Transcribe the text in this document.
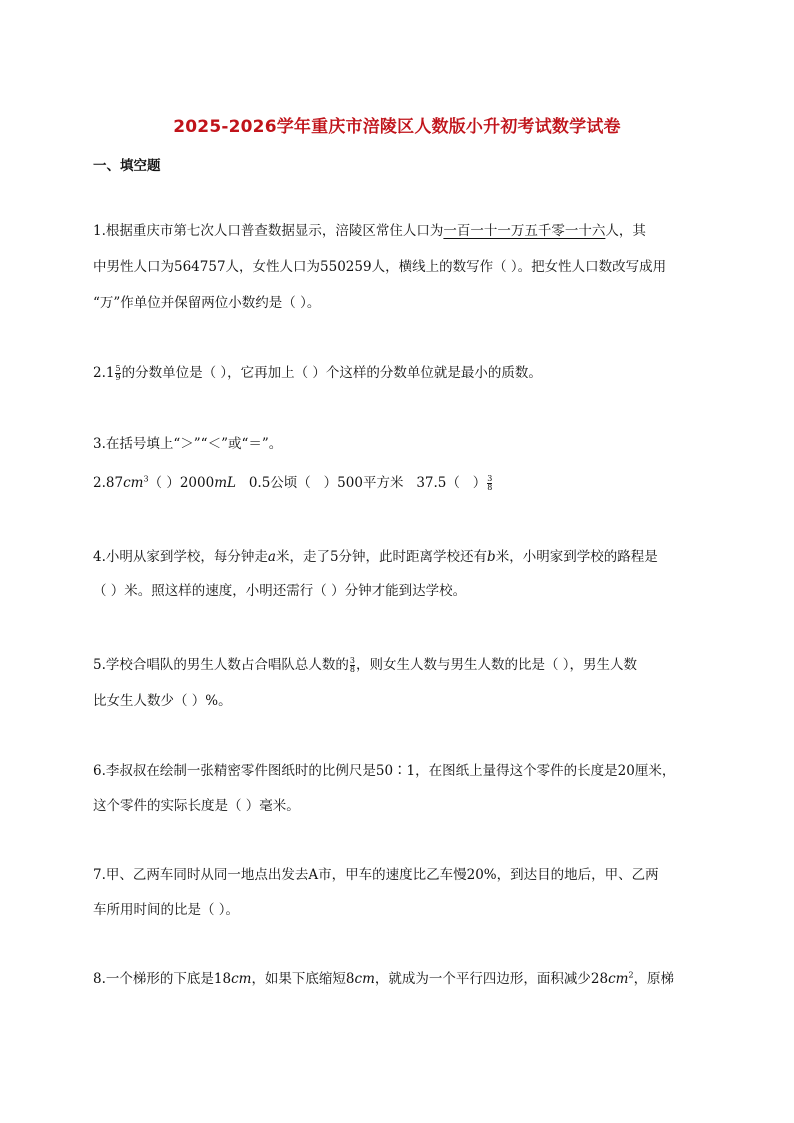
2025-2026学年重庆市涪陵区人数版小升初考试数学试卷
一、填空题
1.根据重庆市第七次人口普查数据显示，涪陵区常住人口为一百一十一万五千零一十六人，其
中男性人口为564757人，女性人口为550259人，横线上的数写作（ ）。把女性人口数改写成用
“万”作单位并保留两位小数约是（ ）。
$2.1 \frac{5}{9}$ 的分数单位是（ ），它再加上（ ）个这样的分数单位就是最小的质数。
3.在括号填上“＞”“＜”或“＝”。
$2.87cm^3$（ ）2000mL   0.5公顷（   ）500平方米   37.5（   ） $\frac{3}{8}$
4.小明从家到学校，每分钟走a米，走了5分钟，此时距离学校还有b米，小明家到学校的路程是
（ ）米。照这样的速度，小明还需行（ ）分钟才能到达学校。
5.学校合唱队的男生人数占合唱队总人数的 $\frac{3}{8}$ ，则女生人数与男生人数的比是（ ），男生人数
比女生人数少（ ）%。
6.李叔叔在绘制一张精密零件图纸时的比例尺是50∶1，在图纸上量得这个零件的长度是20厘米，
这个零件的实际长度是（ ）毫米。
7.甲、乙两车同时从同一地点出发去A市，甲车的速度比乙车慢20%，到达目的地后，甲、乙两
车所用时间的比是（ ）。
8.一个梯形的下底是18cm，如果下底缩短8cm，就成为一个平行四边形，面积减少$28cm^2$，原梯
